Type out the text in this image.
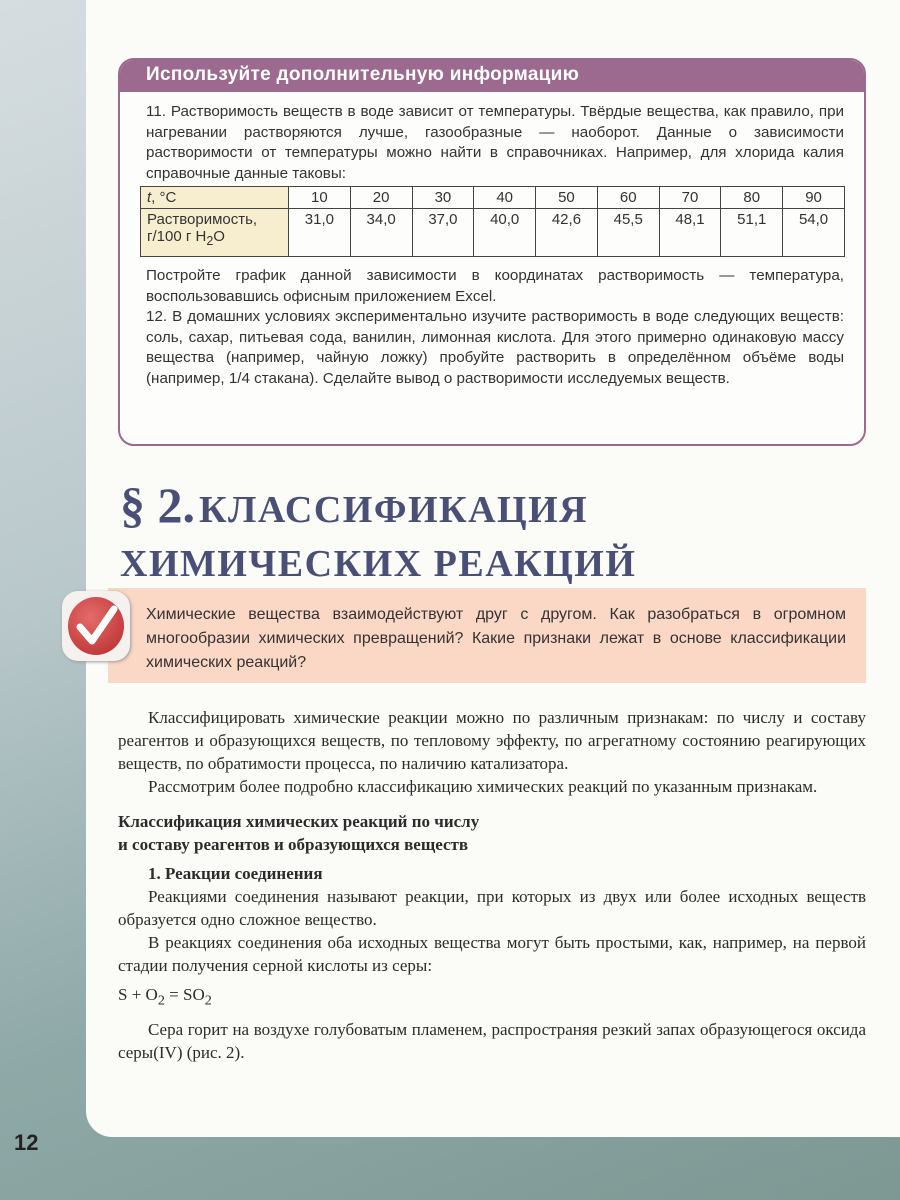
Используйте дополнительную информацию

11. Растворимость веществ в воде зависит от температуры. Твёрдые вещества, как правило, при нагревании растворяются лучше, газообразные — наоборот. Данные о зависимости растворимости от температуры можно найти в справочниках. Например, для хлорида калия справочные данные таковы:

t, °С	10	20	30	40	50	60	70	80	90
Растворимость,
г/100 г $H_2O$	31,0	34,0	37,0	40,0	42,6	45,5	48,1	51,1	54,0

Постройте график данной зависимости в координатах растворимость — температура, воспользовавшись офисным приложением Excel.

12. В домашних условиях экспериментально изучите растворимость в воде следующих веществ: соль, сахар, питьевая сода, ванилин, лимонная кислота. Для этого примерно одинаковую массу вещества (например, чайную ложку) пробуйте растворить в определённом объёме воды (например, 1/4 стакана). Сделайте вывод о растворимости исследуемых веществ.

§ 2. КЛАССИФИКАЦИЯ
ХИМИЧЕСКИХ РЕАКЦИЙ

Химические вещества взаимодействуют друг с другом. Как разобраться в огромном многообразии химических превращений? Какие признаки лежат в основе классификации химических реакций?

Классифицировать химические реакции можно по различным признакам: по числу и составу реагентов и образующихся веществ, по тепловому эффекту, по агрегатному состоянию реагирующих веществ, по обратимости процесса, по наличию катализатора.

Рассмотрим более подробно классификацию химических реакций по указанным признакам.

Классификация химических реакций по числу
и составу реагентов и образующихся веществ

1. Реакции соединения

Реакциями соединения называют реакции, при которых из двух или более исходных веществ образуется одно сложное вещество.

В реакциях соединения оба исходных вещества могут быть простыми, как, например, на первой стадии получения серной кислоты из серы:

$S + O_2 = SO_2$

Сера горит на воздухе голубоватым пламенем, распространяя резкий запах образующегося оксида серы(IV) (рис. 2).

12
